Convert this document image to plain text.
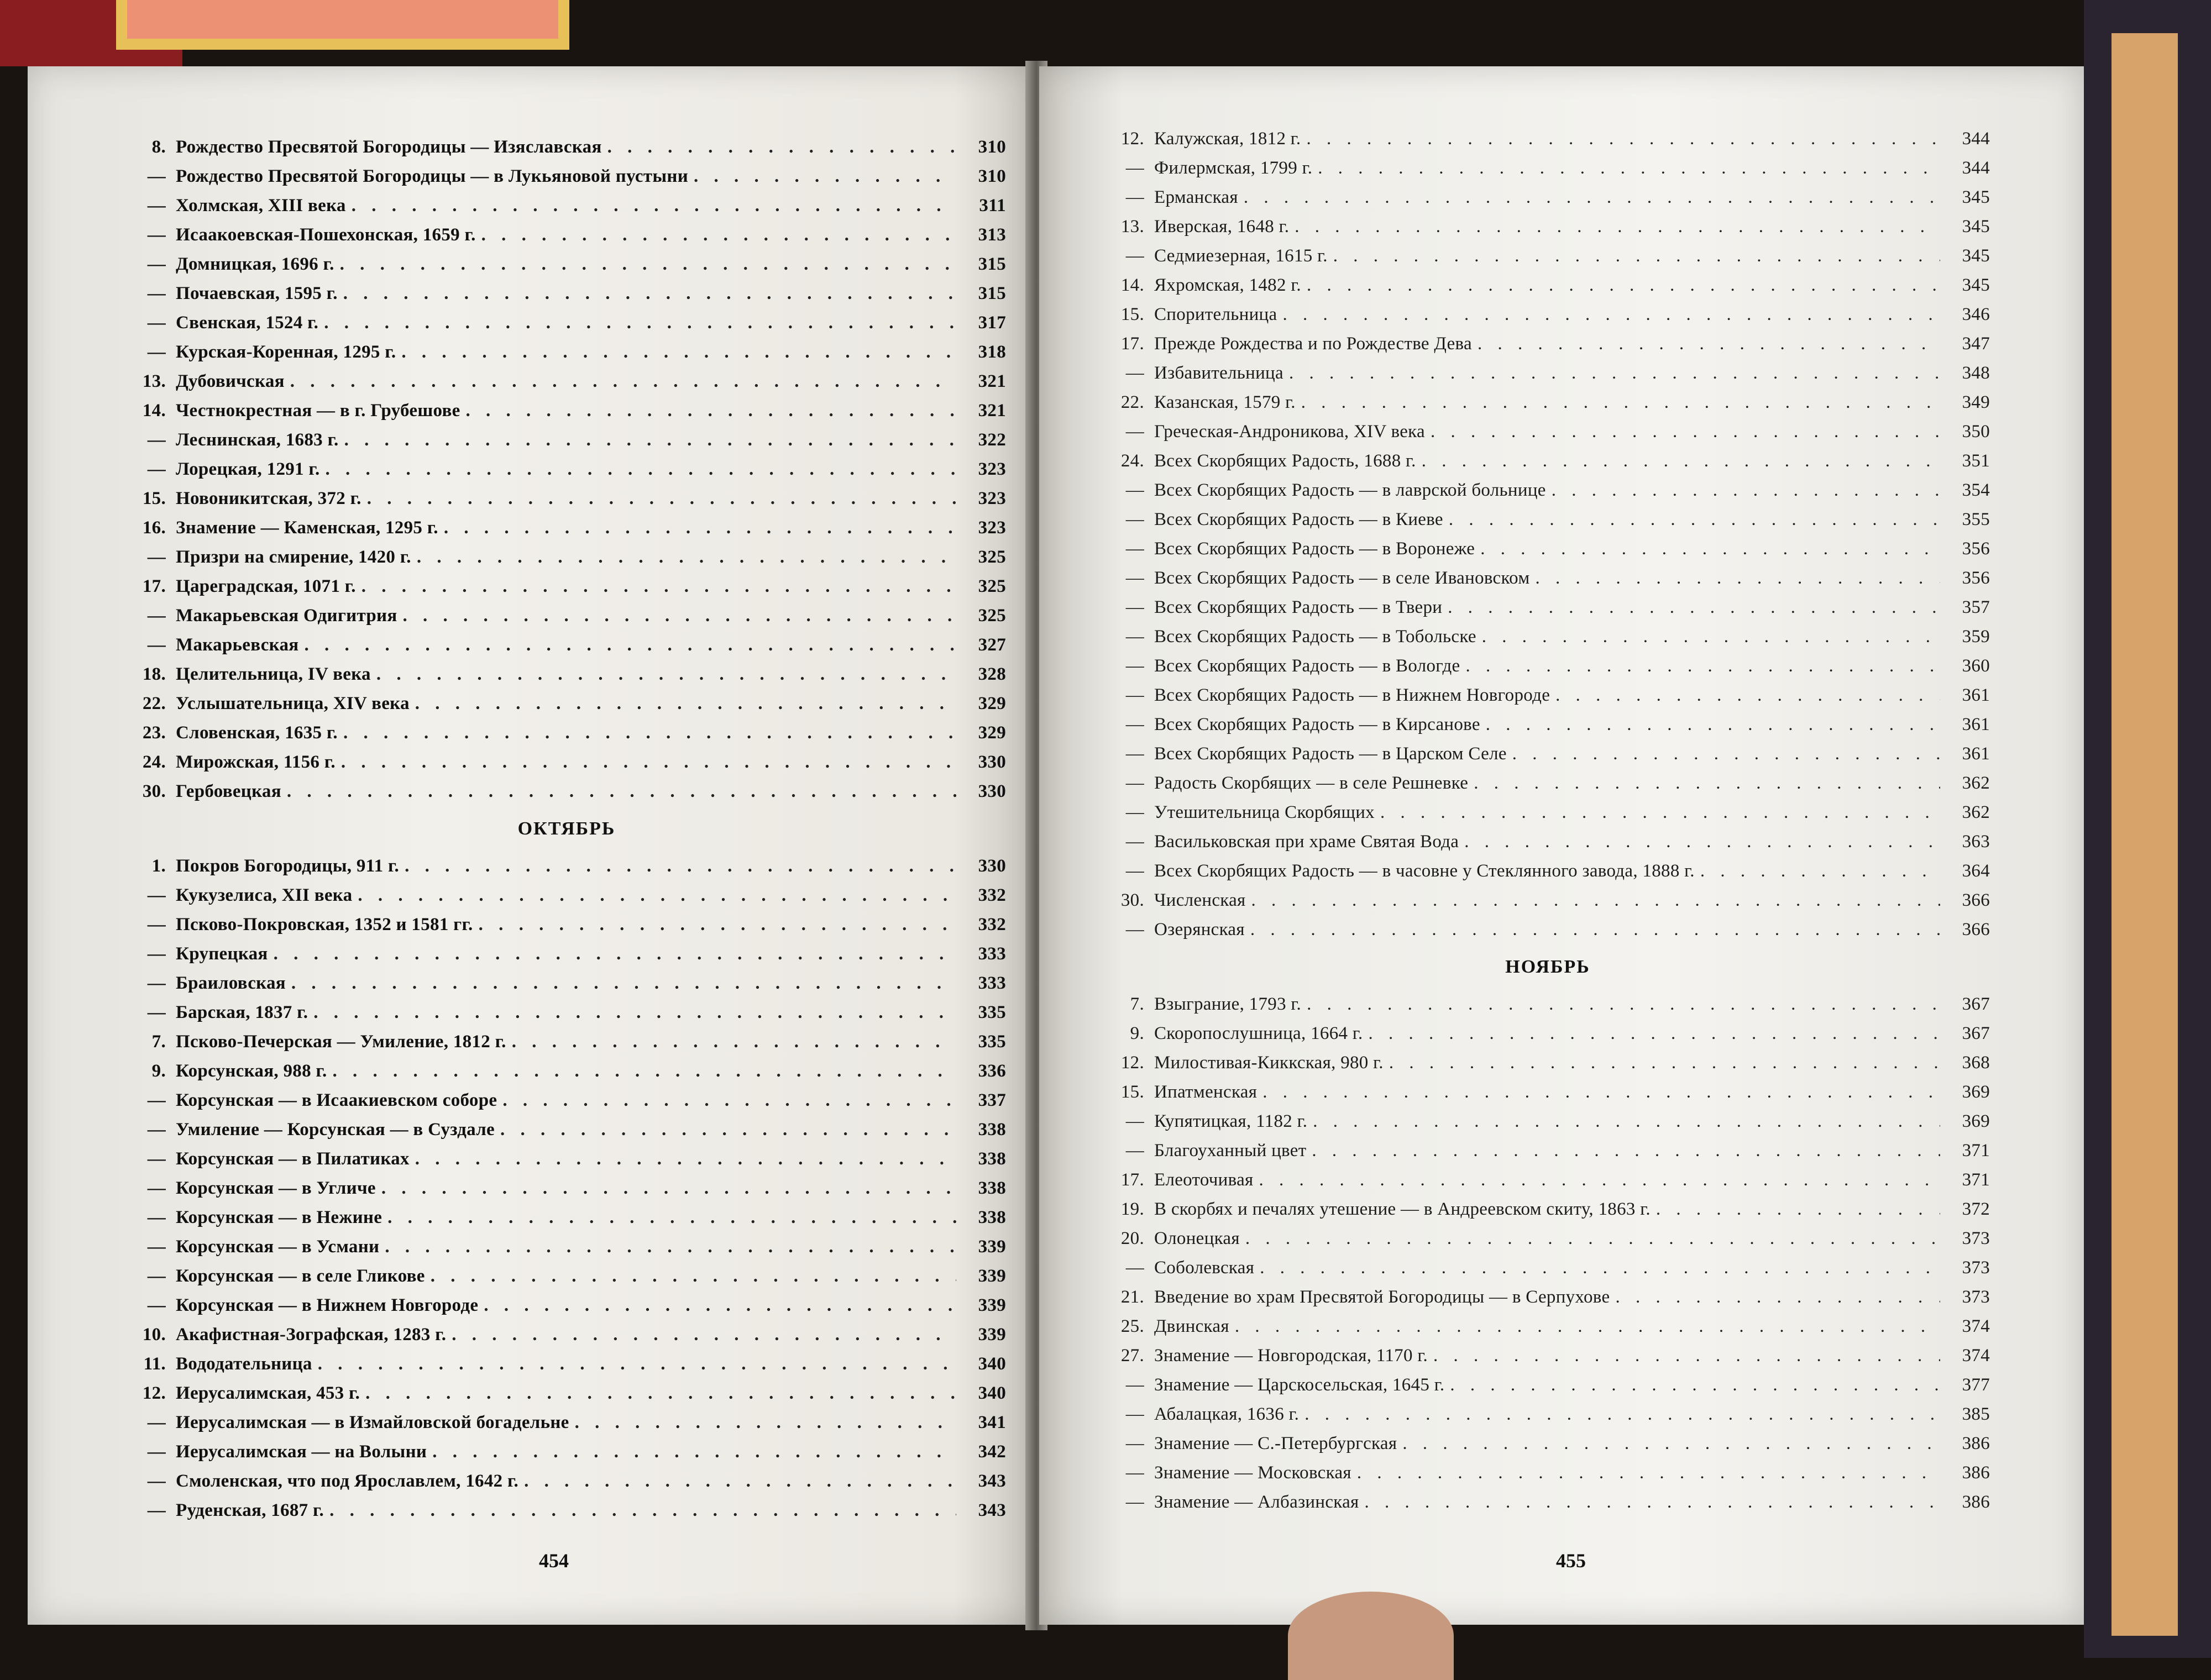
8. Рождество Пресвятой Богородицы — Изяславская . . .	310
— Рождество Пресвятой Богородицы — в Лукьяновой пустыни . . .	310
— Холмская, XIII века . . .	311
— Исаакоевская-Пошехонская, 1659 г. . . .	313
— Домницкая, 1696 г. . . .	315
— Почаевская, 1595 г. . . .	315
— Свенская, 1524 г. . . .	317
— Курская-Коренная, 1295 г. . . .	318
13. Дубовичская . . .	321
14. Честнокрестная — в г. Грубешове . . .	321
— Леснинская, 1683 г. . . .	322
— Лорецкая, 1291 г. . . .	323
15. Новоникитская, 372 г. . . .	323
16. Знамение — Каменская, 1295 г. . . .	323
— Призри на смирение, 1420 г. . . .	325
17. Цареградская, 1071 г. . . .	325
— Макарьевская Одигитрия . . .	325
— Макарьевская . . .	327
18. Целительница, IV века . . .	328
22. Услышательница, XIV века . . .	329
23. Словенская, 1635 г. . . .	329
24. Мирожская, 1156 г. . . .	330
30. Гербовецкая . . .	330
ОКТЯБРЬ
1. Покров Богородицы, 911 г. . . .	330
— Кукузелиса, XII века . . .	332
— Псково-Покровская, 1352 и 1581 гг. . . .	332
— Крупецкая . . .	333
— Браиловская . . .	333
— Барская, 1837 г. . . .	335
7. Псково-Печерская — Умиление, 1812 г. . . .	335
9. Корсунская, 988 г. . . .	336
— Корсунская — в Исаакиевском соборе . . .	337
— Умиление — Корсунская — в Суздале . . .	338
— Корсунская — в Пилатиках . . .	338
— Корсунская — в Угличе . . .	338
— Корсунская — в Нежине . . .	338
— Корсунская — в Усмани . . .	339
— Корсунская — в селе Гликове . . .	339
— Корсунская — в Нижнем Новгороде . . .	339
10. Акафистная-Зографская, 1283 г. . . .	339
11. Вододательница . . .	340
12. Иерусалимская, 453 г. . . .	340
— Иерусалимская — в Измайловской богадельне . . .	341
— Иерусалимская — на Волыни . . .	342
— Смоленская, что под Ярославлем, 1642 г. . . .	343
— Руденская, 1687 г. . . .	343
454
12. Калужская, 1812 г. . . .	344
— Филермская, 1799 г. . . .	344
— Ерманская . . .	345
13. Иверская, 1648 г. . . .	345
— Седмиезерная, 1615 г. . . .	345
14. Яхромская, 1482 г. . . .	345
15. Спорительница . . .	346
17. Прежде Рождества и по Рождестве Дева . . .	347
— Избавительница . . .	348
22. Казанская, 1579 г. . . .	349
— Греческая-Андроникова, XIV века . . .	350
24. Всех Скорбящих Радость, 1688 г. . . .	351
— Всех Скорбящих Радость — в лаврской больнице . . .	354
— Всех Скорбящих Радость — в Киеве . . .	355
— Всех Скорбящих Радость — в Воронеже . . .	356
— Всех Скорбящих Радость — в селе Ивановском . . .	356
— Всех Скорбящих Радость — в Твери . . .	357
— Всех Скорбящих Радость — в Тобольске . . .	359
— Всех Скорбящих Радость — в Вологде . . .	360
— Всех Скорбящих Радость — в Нижнем Новгороде . . .	361
— Всех Скорбящих Радость — в Кирсанове . . .	361
— Всех Скорбящих Радость — в Царском Селе . . .	361
— Радость Скорбящих — в селе Решневке . . .	362
— Утешительница Скорбящих . . .	362
— Васильковская при храме Святая Вода . . .	363
— Всех Скорбящих Радость — в часовне у Стеклянного завода, 1888 г. . . .	364
30. Численская . . .	366
— Озерянская . . .	366
НОЯБРЬ
7. Взыграние, 1793 г. . . .	367
9. Скоропослушница, 1664 г. . . .	367
12. Милостивая-Киккская, 980 г. . . .	368
15. Ипатменская . . .	369
— Купятицкая, 1182 г. . . .	369
— Благоуханный цвет . . .	371
17. Елеоточивая . . .	371
19. В скорбях и печалях утешение — в Андреевском скиту, 1863 г. . . .	372
20. Олонецкая . . .	373
— Соболевская . . .	373
21. Введение во храм Пресвятой Богородицы — в Серпухове . . .	373
25. Двинская . . .	374
27. Знамение — Новгородская, 1170 г. . . .	374
— Знамение — Царскосельская, 1645 г. . . .	377
— Абалацкая, 1636 г. . . .	385
— Знамение — С.-Петербургская . . .	386
— Знамение — Московская . . .	386
— Знамение — Албазинская . . .	386
455
